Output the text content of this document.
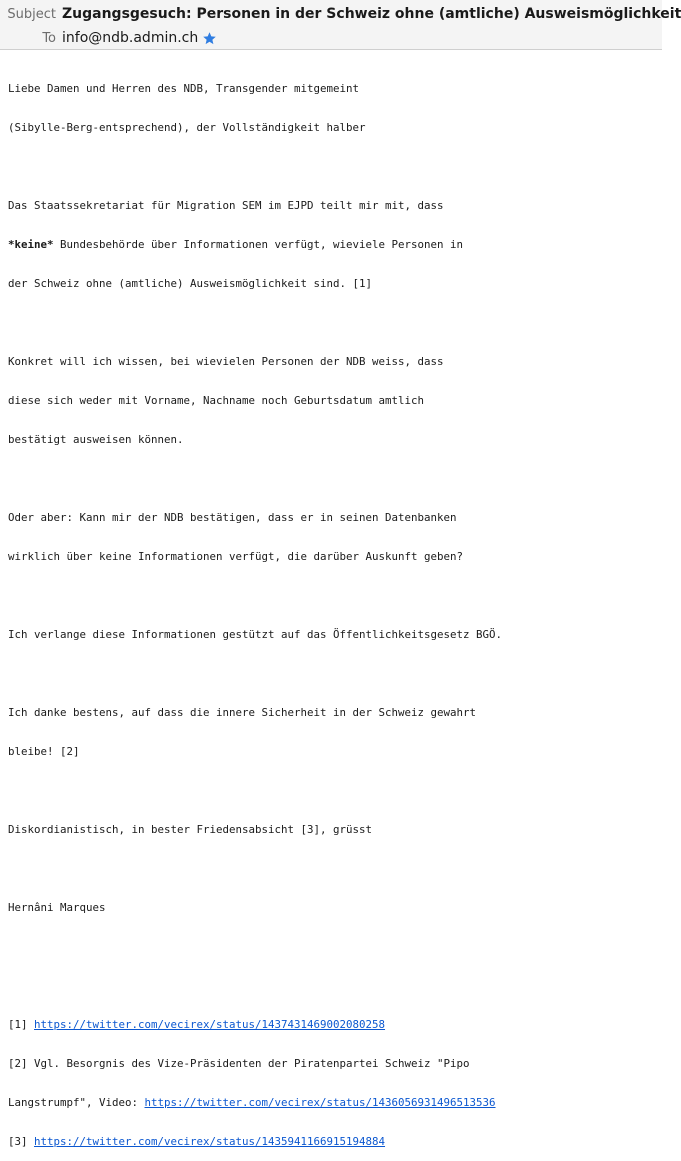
Subject Zugangsgesuch: Personen in der Schweiz ohne (amtliche) Ausweismöglichkeit
To info@ndb.admin.ch

Liebe Damen und Herren des NDB, Transgender mitgemeint

(Sibylle-Berg-entsprechend), der Vollständigkeit halber

Das Staatssekretariat für Migration SEM im EJPD teilt mir mit, dass

*keine* Bundesbehörde über Informationen verfügt, wieviele Personen in

der Schweiz ohne (amtliche) Ausweismöglichkeit sind. [1]

Konkret will ich wissen, bei wievielen Personen der NDB weiss, dass

diese sich weder mit Vorname, Nachname noch Geburtsdatum amtlich

bestätigt ausweisen können.

Oder aber: Kann mir der NDB bestätigen, dass er in seinen Datenbanken

wirklich über keine Informationen verfügt, die darüber Auskunft geben?

Ich verlange diese Informationen gestützt auf das Öffentlichkeitsgesetz BGÖ.

Ich danke bestens, auf dass die innere Sicherheit in der Schweiz gewahrt

bleibe! [2]

Diskordianistisch, in bester Friedensabsicht [3], grüsst

Hernâni Marques

[1] https://twitter.com/vecirex/status/1437431469002080258

[2] Vgl. Besorgnis des Vize-Präsidenten der Piratenpartei Schweiz "Pipo

Langstrumpf", Video: https://twitter.com/vecirex/status/1436056931496513536

[3] https://twitter.com/vecirex/status/1435941166915194884
